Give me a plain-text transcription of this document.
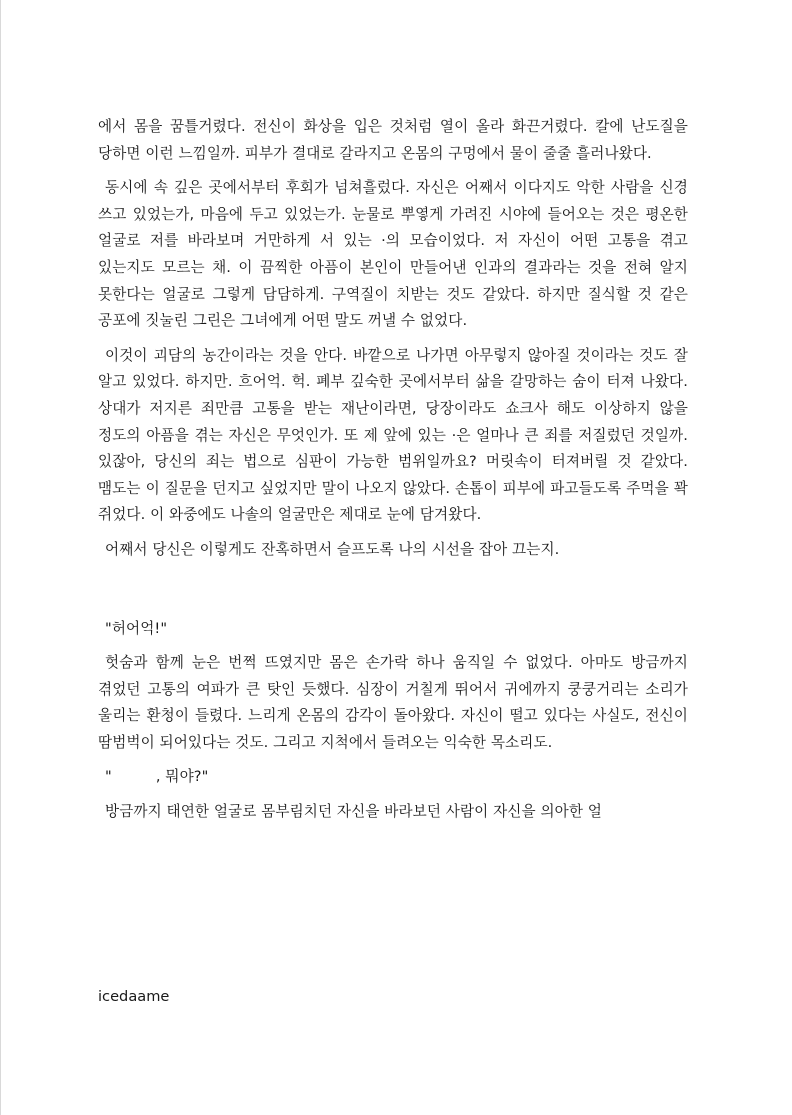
에서 몸을 꿈틀거렸다. 전신이 화상을 입은 것처럼 열이 올라 화끈거렸다. 칼에 난도질을 당하면 이런 느낌일까. 피부가 결대로 갈라지고 온몸의 구멍에서 물이 줄줄 흘러나왔다.

동시에 속 깊은 곳에서부터 후회가 넘쳐흘렀다. 자신은 어째서 이다지도 악한 사람을 신경 쓰고 있었는가, 마음에 두고 있었는가. 눈물로 뿌옇게 가려진 시야에 들어오는 것은 평온한 얼굴로 저를 바라보며 거만하게 서 있는 ·의 모습이었다. 저 자신이 어떤 고통을 겪고 있는지도 모르는 채. 이 끔찍한 아픔이 본인이 만들어낸 인과의 결과라는 것을 전혀 알지 못한다는 얼굴로 그렇게 담담하게. 구역질이 치받는 것도 같았다. 하지만 질식할 것 같은 공포에 짓눌린 그린은 그녀에게 어떤 말도 꺼낼 수 없었다.

이것이 괴담의 농간이라는 것을 안다. 바깥으로 나가면 아무렇지 않아질 것이라는 것도 잘 알고 있었다. 하지만. 흐어억. 헉. 폐부 깊숙한 곳에서부터 삶을 갈망하는 숨이 터져 나왔다. 상대가 저지른 죄만큼 고통을 받는 재난이라면, 당장이라도 쇼크사 해도 이상하지 않을 정도의 아픔을 겪는 자신은 무엇인가. 또 제 앞에 있는 ·은 얼마나 큰 죄를 저질렀던 것일까. 있잖아, 당신의 죄는 법으로 심판이 가능한 범위일까요? 머릿속이 터져버릴 것 같았다. 맴도는 이 질문을 던지고 싶었지만 말이 나오지 않았다. 손톱이 피부에 파고들도록 주먹을 꽉 쥐었다. 이 와중에도 나솔의 얼굴만은 제대로 눈에 담겨왔다.

어째서 당신은 이렇게도 잔혹하면서 슬프도록 나의 시선을 잡아 끄는지.

"허어억!"

헛숨과 함께 눈은 번쩍 뜨였지만 몸은 손가락 하나 움직일 수 없었다. 아마도 방금까지 겪었던 고통의 여파가 큰 탓인 듯했다. 심장이 거칠게 뛰어서 귀에까지 쿵쿵거리는 소리가 울리는 환청이 들렸다. 느리게 온몸의 감각이 돌아왔다. 자신이 떨고 있다는 사실도, 전신이 땀범벅이 되어있다는 것도. 그리고 지척에서 들려오는 익숙한 목소리도.

"　　　, 뭐야?"

방금까지 태연한 얼굴로 몸부림치던 자신을 바라보던 사람이 자신을 의아한 얼

icedaame
